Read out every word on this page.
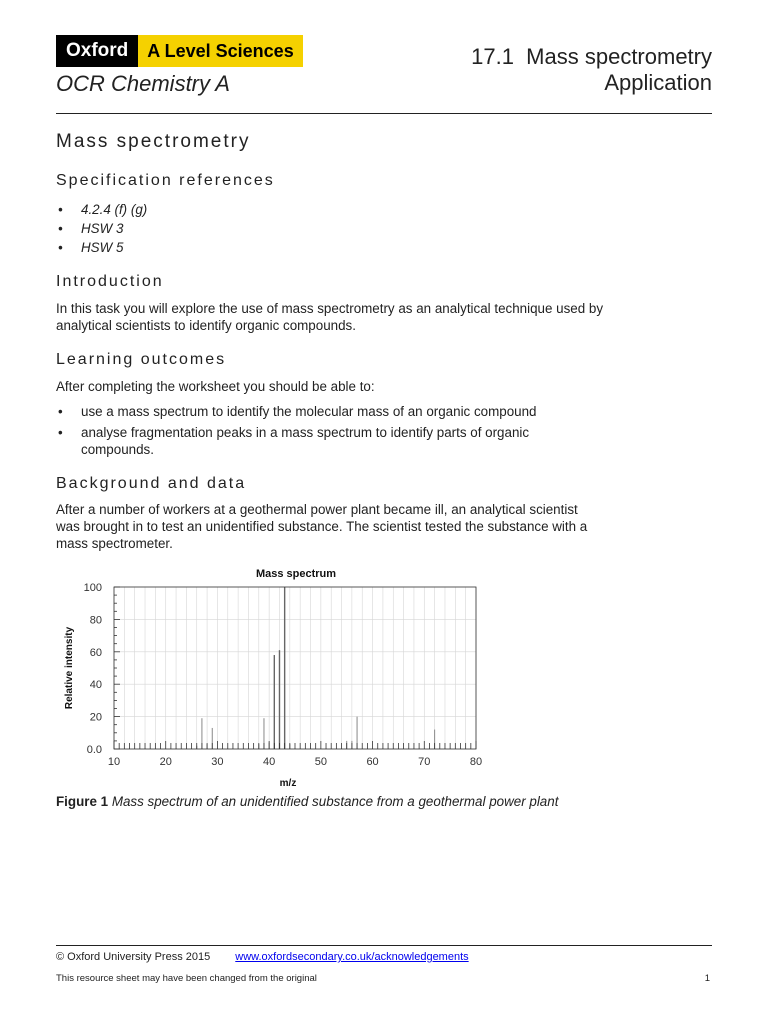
Oxford	A Level Sciences
OCR Chemistry A
17.1  Mass spectrometry
Application
Mass spectrometry
Specification references
• 4.2.4 (f) (g)
• HSW 3
• HSW 5
Introduction
In this task you will explore the use of mass spectrometry as an analytical technique used by analytical scientists to identify organic compounds.
Learning outcomes
After completing the worksheet you should be able to:
• use a mass spectrum to identify the molecular mass of an organic compound
• analyse fragmentation peaks in a mass spectrum to identify parts of organic compounds.
Background and data
After a number of workers at a geothermal power plant became ill, an analytical scientist was brought in to test an unidentified substance. The scientist tested the substance with a mass spectrometer.
Mass spectrum
10	20	30	40	50	60	70	80
0.0
20
40
60
80
100
m/z
Relative intensity
Figure 1 Mass spectrum of an unidentified substance from a geothermal power plant
© Oxford University Press 2015 www.oxfordsecondary.co.uk/acknowledgements
This resource sheet may have been changed from the original	1
